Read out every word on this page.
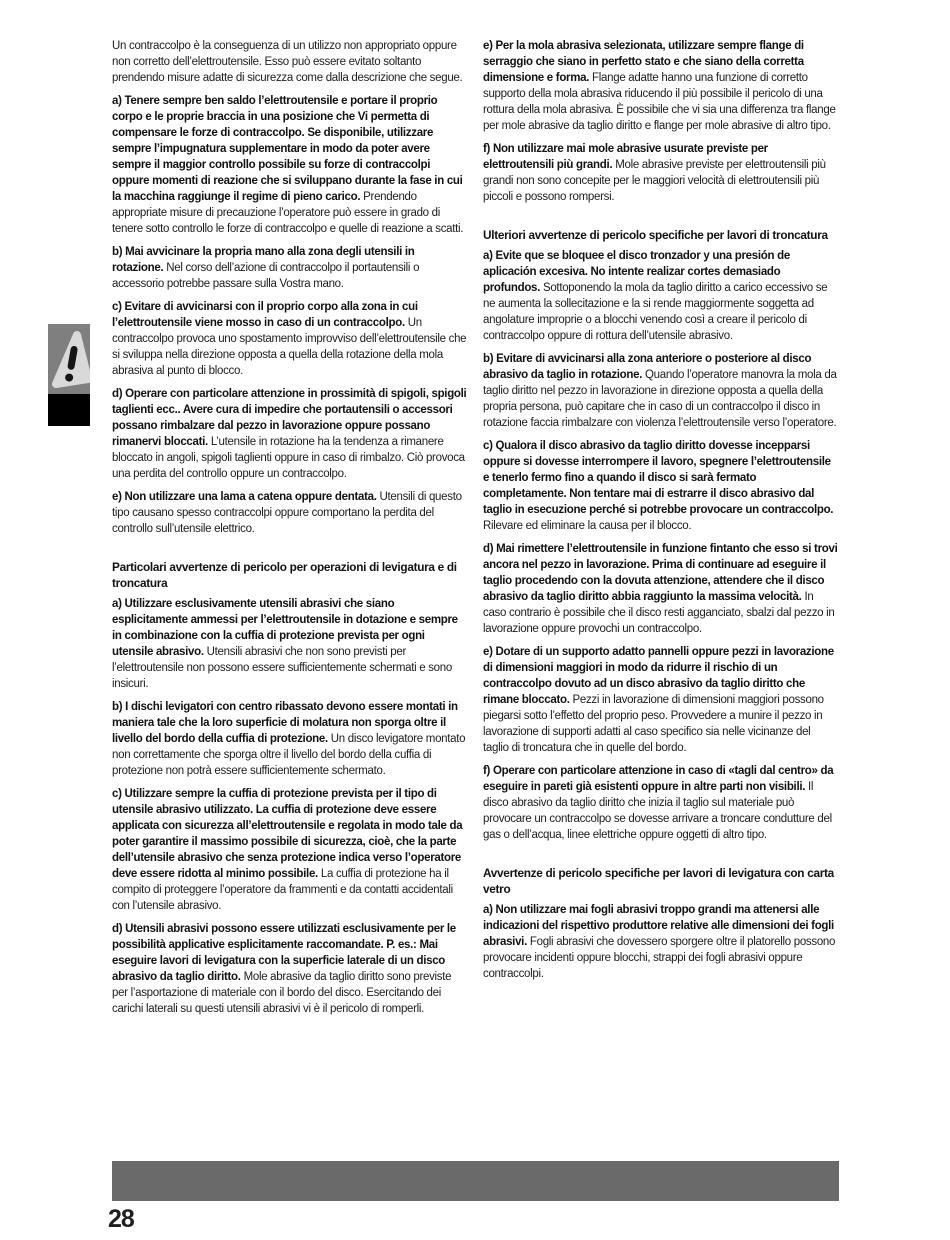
Un contraccolpo è la conseguenza di un utilizzo non appropriato oppure non corretto dell’elettroutensile. Esso può essere evitato soltanto prendendo misure adatte di sicurezza come dalla descrizione che segue.

a) Tenere sempre ben saldo l’elettroutensile e portare il proprio corpo e le proprie braccia in una posizione che Vi permetta di compensare le forze di contraccolpo. Se disponibile, utilizzare sempre l’impugnatura supplementare in modo da poter avere sempre il maggior controllo possibile su forze di contraccolpi oppure momenti di reazione che si sviluppano durante la fase in cui la macchina raggiunge il regime di pieno carico. Prendendo appropriate misure di precauzione l’operatore può essere in grado di tenere sotto controllo le forze di contraccolpo e quelle di reazione a scatti.

b) Mai avvicinare la propria mano alla zona degli utensili in rotazione. Nel corso dell’azione di contraccolpo il portautensili o accessorio potrebbe passare sulla Vostra mano.

c) Evitare di avvicinarsi con il proprio corpo alla zona in cui l’elettroutensile viene mosso in caso di un contraccolpo. Un contraccolpo provoca uno spostamento improvviso dell’elettroutensile che si sviluppa nella direzione opposta a quella della rotazione della mola abrasiva al punto di blocco.

d) Operare con particolare attenzione in prossimità di spigoli, spigoli taglienti ecc.. Avere cura di impedire che portautensili o accessori possano rimbalzare dal pezzo in lavorazione oppure possano rimanervi bloccati. L’utensile in rotazione ha la tendenza a rimanere bloccato in angoli, spigoli taglienti oppure in caso di rimbalzo. Ciò provoca una perdita del controllo oppure un contraccolpo.

e) Non utilizzare una lama a catena oppure dentata. Utensili di questo tipo causano spesso contraccolpi oppure comportano la perdita del controllo sull’utensile elettrico.

Particolari avvertenze di pericolo per operazioni di levigatura e di troncatura

a) Utilizzare esclusivamente utensili abrasivi che siano esplicitamente ammessi per l’elettroutensile in dotazione e sempre in combinazione con la cuffia di protezione prevista per ogni utensile abrasivo. Utensili abrasivi che non sono previsti per l’elettroutensile non possono essere sufficientemente schermati e sono insicuri.

b) I dischi levigatori con centro ribassato devono essere montati in maniera tale che la loro superficie di molatura non sporga oltre il livello del bordo della cuffia di protezione. Un disco levigatore montato non correttamente che sporga oltre il livello del bordo della cuffia di protezione non potrà essere sufficientemente schermato.

c) Utilizzare sempre la cuffia di protezione prevista per il tipo di utensile abrasivo utilizzato. La cuffia di protezione deve essere applicata con sicurezza all’elettroutensile e regolata in modo tale da poter garantire il massimo possibile di sicurezza, cioè, che la parte dell’utensile abrasivo che senza protezione indica verso l’operatore deve essere ridotta al minimo possibile. La cuffia di protezione ha il compito di proteggere l’operatore da frammenti e da contatti accidentali con l’utensile abrasivo.

d) Utensili abrasivi possono essere utilizzati esclusivamente per le possibilità applicative esplicitamente raccomandate. P. es.: Mai eseguire lavori di levigatura con la superficie laterale di un disco abrasivo da taglio diritto. Mole abrasive da taglio diritto sono previste per l’asportazione di materiale con il bordo del disco. Esercitando dei carichi laterali su questi utensili abrasivi vi è il pericolo di romperli.

e) Per la mola abrasiva selezionata, utilizzare sempre flange di serraggio che siano in perfetto stato e che siano della corretta dimensione e forma. Flange adatte hanno una funzione di corretto supporto della mola abrasiva riducendo il più possibile il pericolo di una rottura della mola abrasiva. È possibile che vi sia una differenza tra flange per mole abrasive da taglio diritto e flange per mole abrasive di altro tipo.

f) Non utilizzare mai mole abrasive usurate previste per elettroutensili più grandi. Mole abrasive previste per elettroutensili più grandi non sono concepite per le maggiori velocità di elettroutensili più piccoli e possono rompersi.

Ulteriori avvertenze di pericolo specifiche per lavori di troncatura

a) Evite que se bloquee el disco tronzador y una presión de aplicación excesiva. No intente realizar cortes demasiado profundos. Sottoponendo la mola da taglio diritto a carico eccessivo se ne aumenta la sollecitazione e la si rende maggiormente soggetta ad angolature improprie o a blocchi venendo così a creare il pericolo di contraccolpo oppure di rottura dell’utensile abrasivo.

b) Evitare di avvicinarsi alla zona anteriore o posteriore al disco abrasivo da taglio in rotazione. Quando l’operatore manovra la mola da taglio diritto nel pezzo in lavorazione in direzione opposta a quella della propria persona, può capitare che in caso di un contraccolpo il disco in rotazione faccia rimbalzare con violenza l’elettroutensile verso l’operatore.

c) Qualora il disco abrasivo da taglio diritto dovesse incepparsi oppure si dovesse interrompere il lavoro, spegnere l’elettroutensile e tenerlo fermo fino a quando il disco si sarà fermato completamente. Non tentare mai di estrarre il disco abrasivo dal taglio in esecuzione perché si potrebbe provocare un contraccolpo. Rilevare ed eliminare la causa per il blocco.

d) Mai rimettere l’elettroutensile in funzione fintanto che esso si trovi ancora nel pezzo in lavorazione. Prima di continuare ad eseguire il taglio procedendo con la dovuta attenzione, attendere che il disco abrasivo da taglio diritto abbia raggiunto la massima velocità. In caso contrario è possibile che il disco resti agganciato, sbalzi dal pezzo in lavorazione oppure provochi un contraccolpo.

e) Dotare di un supporto adatto pannelli oppure pezzi in lavorazione di dimensioni maggiori in modo da ridurre il rischio di un contraccolpo dovuto ad un disco abrasivo da taglio diritto che rimane bloccato. Pezzi in lavorazione di dimensioni maggiori possono piegarsi sotto l’effetto del proprio peso. Provvedere a munire il pezzo in lavorazione di supporti adatti al caso specifico sia nelle vicinanze del taglio di troncatura che in quelle del bordo.

f) Operare con particolare attenzione in caso di «tagli dal centro» da eseguire in pareti già esistenti oppure in altre parti non visibili. Il disco abrasivo da taglio diritto che inizia il taglio sul materiale può provocare un contraccolpo se dovesse arrivare a troncare condutture del gas o dell’acqua, linee elettriche oppure oggetti di altro tipo.

Avvertenze di pericolo specifiche per lavori di levigatura con carta vetro

a) Non utilizzare mai fogli abrasivi troppo grandi ma attenersi alle indicazioni del rispettivo produttore relative alle dimensioni dei fogli abrasivi. Fogli abrasivi che dovessero sporgere oltre il platorello possono provocare incidenti oppure blocchi, strappi dei fogli abrasivi oppure contraccolpi.

28
